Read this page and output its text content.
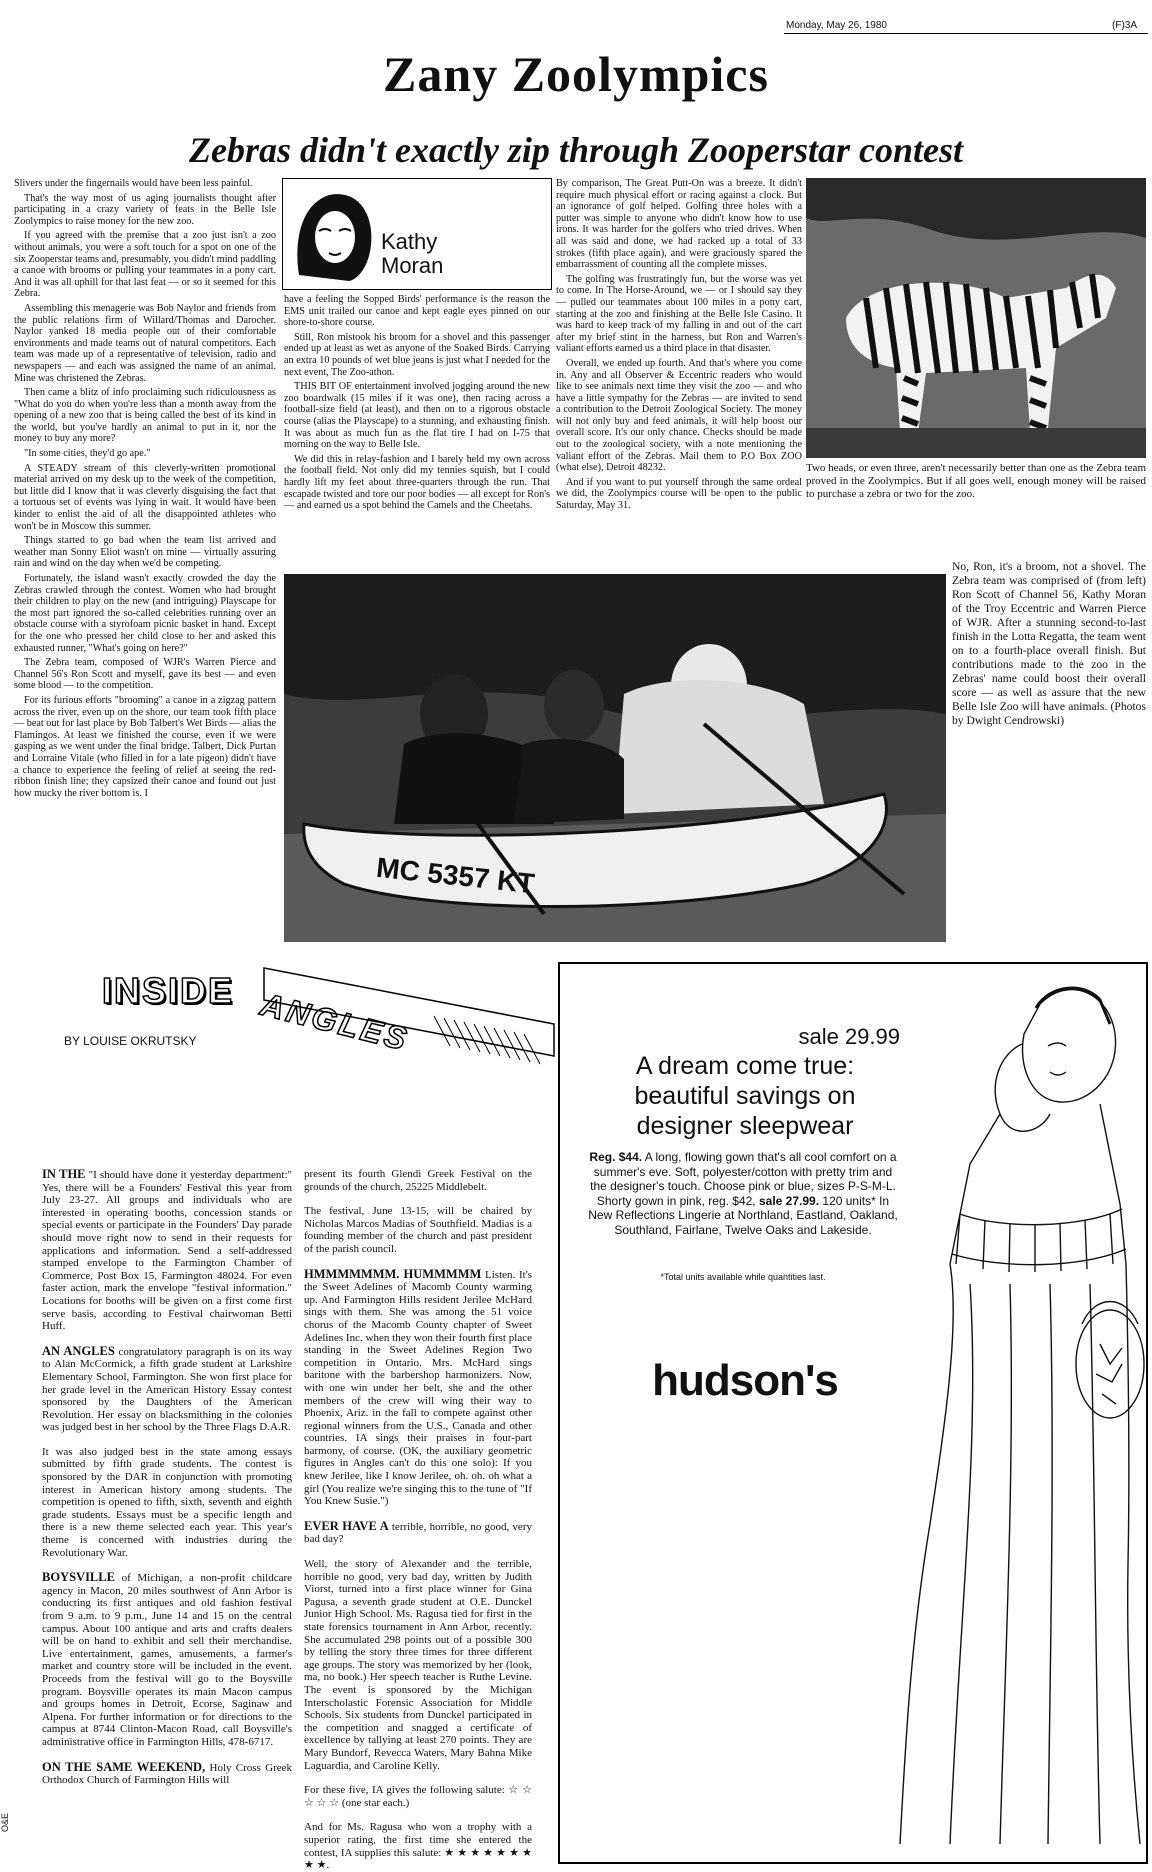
Monday, May 26, 1980	(F)3A
Zany Zoolympics
Zebras didn't exactly zip through Zooperstar contest

Slivers under the fingernails would have been less painful.

That's the way most of us aging journalists thought after participating in a crazy variety of feats in the Belle Isle Zoolympics to raise money for the new zoo.

If you agreed with the premise that a zoo just isn't a zoo without animals, you were a soft touch for a spot on one of the six Zooperstar teams and, presumably, you didn't mind paddling a canoe with brooms or pulling your teammates in a pony cart. And it was all uphill for that last feat — or so it seemed for this Zebra.

Assembling this menagerie was Bob Naylor and friends from the public relations firm of Willard/Thomas and Darocher. Naylor yanked 18 media people out of their comfortable environments and made teams out of natural competitors. Each team was made up of a representative of television, radio and newspapers — and each was assigned the name of an animal. Mine was christened the Zebras.

Then came a blitz of info proclaiming such ridiculousness as "What do you do when you're less than a month away from the opening of a new zoo that is being called the best of its kind in the world, but you've hardly an animal to put in it, nor the money to buy any more?

"In some cities, they'd go ape."

A STEADY stream of this cleverly-written promotional material arrived on my desk up to the week of the competition, but little did I know that it was cleverly disguising the fact that a tortuous set of events was lying in wait. It would have been kinder to enlist the aid of all the disappointed athletes who won't be in Moscow this summer.

Things started to go bad when the team list arrived and weather man Sonny Eliot wasn't on mine — virtually assuring rain and wind on the day when we'd be competing.

Fortunately, the island wasn't exactly crowded the day the Zebras crawled through the contest. Women who had brought their children to play on the new (and intriguing) Playscape for the most part ignored the so-called celebrities running over an obstacle course with a styrofoam picnic basket in hand. Except for the one who pressed her child close to her and asked this exhausted runner, "What's going on here?"

The Zebra team, composed of WJR's Warren Pierce and Channel 56's Ron Scott and myself, gave its best — and even some blood — to the competition.

For its furious efforts "brooming" a canoe in a zigzag pattern across the river, even up on the shore, our team took fifth place — beat out for last place by Bob Talbert's Wet Birds — alias the Flamingos. At least we finished the course, even if we were gasping as we went under the final bridge. Talbert, Dick Purtan and Lorraine Vitale (who filled in for a late pigeon) didn't have a chance to experience the feeling of relief at seeing the red-ribbon finish line; they capsized their canoe and found out just how mucky the river bottom is. I

Kathy
Moran

have a feeling the Sopped Birds' performance is the reason the EMS unit trailed our canoe and kept eagle eyes pinned on our shore-to-shore course.

Still, Ron mistook his broom for a shovel and this passenger ended up at least as wet as anyone of the Soaked Birds. Carrying an extra 10 pounds of wet blue jeans is just what I needed for the next event, The Zoo-athon.

THIS BIT OF entertainment involved jogging around the new zoo boardwalk (15 miles if it was one), then racing across a football-size field (at least), and then on to a rigorous obstacle course (alias the Playscape) to a stunning, and exhausting finish. It was about as much fun as the flat tire I had on I-75 that morning on the way to Belle Isle.

We did this in relay-fashion and I barely held my own across the football field. Not only did my tennies squish, but I could hardly lift my feet about three-quarters through the run. That escapade twisted and tore our poor bodies — all except for Ron's — and earned us a spot behind the Camels and the Cheetahs.

By comparison, The Great Putt-On was a breeze. It didn't require much physical effort or racing against a clock. But an ignorance of golf helped. Golfing three holes with a putter was simple to anyone who didn't know how to use irons. It was harder for the golfers who tried drives. When all was said and done, we had racked up a total of 33 strokes (fifth place again), and were graciously spared the embarrassment of counting all the complete misses.

The golfing was frustratingly fun, but the worse was yet to come. In The Horse-Around, we — or I should say they — pulled our teammates about 100 miles in a pony cart, starting at the zoo and finishing at the Belle Isle Casino. It was hard to keep track of my falling in and out of the cart after my brief stint in the harness, but Ron and Warren's valiant efforts earned us a third place in that disaster.

Overall, we ended up fourth. And that's where you come in. Any and all Observer & Eccentric readers who would like to see animals next time they visit the zoo — and who have a little sympathy for the Zebras — are invited to send a contribution to the Detroit Zoological Society. The money will not only buy and feed animals, it will help boost our overall score. It's our only chance. Checks should be made out to the zoological society, with a note mentioning the valiant effort of the Zebras. Mail them to P.O Box ZOO (what else), Detroit 48232.

And if you want to put yourself through the same ordeal we did, the Zoolympics course will be open to the public Saturday, May 31.

Two heads, or even three, aren't necessarily better than one as the Zebra team proved in the Zoolympics. But if all goes well, enough money will be raised to purchase a zebra or two for the zoo.
MC 5357 KT
No, Ron, it's a broom, not a shovel. The Zebra team was comprised of (from left) Ron Scott of Channel 56, Kathy Moran of the Troy Eccentric and Warren Pierce of WJR. After a stunning second-to-last finish in the Lotta Regatta, the team went on to a fourth-place overall finish. But contributions made to the zoo in the Zebras' name could boost their overall score — as well as assure that the new Belle Isle Zoo will have animals. (Photos by Dwight Cendrowski)
INSIDE ANGLES
BY LOUISE OKRUTSKY

IN THE "I should have done it yesterday department:" Yes, there will be a Founders' Festival this year from July 23-27. All groups and individuals who are interested in operating booths, concession stands or special events or participate in the Founders' Day parade should move right now to send in their requests for applications and information. Send a self-addressed stamped envelope to the Farmington Chamber of Commerce, Post Box 15, Farmington 48024. For even faster action, mark the envelope "festival information." Locations for booths will be given on a first come first serve basis, according to Festival chairwoman Betti Huff.

AN ANGLES congratulatory paragraph is on its way to Alan McCormick, a fifth grade student at Larkshire Elementary School, Farmington. She won first place for her grade level in the American History Essay contest sponsored by the Daughters of the American Revolution. Her essay on blacksmithing in the colonies was judged best in her school by the Three Flags D.A.R.

It was also judged best in the state among essays submitted by fifth grade students. The contest is sponsored by the DAR in conjunction with promoting interest in American history among students. The competition is opened to fifth, sixth, seventh and eighth grade students. Essays must be a specific length and there is a new theme selected each year. This year's theme is concerned with industries during the Revolutionary War.

BOYSVILLE of Michigan, a non-profit childcare agency in Macon, 20 miles southwest of Ann Arbor is conducting its first antiques and old fashion festival from 9 a.m. to 9 p.m., June 14 and 15 on the central campus. About 100 antique and arts and crafts dealers will be on hand to exhibit and sell their merchandise. Live entertainment, games, amusements, a farmer's market and country store will be included in the event. Proceeds from the festival will go to the Boysville program. Boysville operates its main Macon campus and groups homes in Detroit, Ecorse, Saginaw and Alpena. For further information or for directions to the campus at 8744 Clinton-Macon Road, call Boysville's administrative office in Farmington Hills, 478-6717.

ON THE SAME WEEKEND, Holy Cross Greek Orthodox Church of Farmington Hills will

present its fourth Glendi Greek Festival on the grounds of the church, 25225 Middlebelt.

The festival, June 13-15, will be chaired by Nicholas Marcos Madias of Southfield. Madias is a founding member of the church and past president of the parish council.

HMMMMMMM. HUMMMMM Listen. It's the Sweet Adelines of Macomb County warming up. And Farmington Hills resident Jerilee McHard sings with them. She was among the 51 voice chorus of the Macomb County chapter of Sweet Adelines Inc. when they won their fourth first place standing in the Sweet Adelines Region Two competition in Ontario. Mrs. McHard sings baritone with the barbershop harmonizers. Now, with one win under her belt, she and the other members of the crew will wing their way to Phoenix, Ariz. in the fall to compete against other regional winners from the U.S., Canada and other countries. IA sings their praises in four-part harmony, of course. (OK, the auxiliary geometric figures in Angles can't do this one solo): If you knew Jerilee, like I know Jerilee, oh. oh. oh what a girl (You realize we're singing this to the tune of "If You Knew Susie.")

EVER HAVE A terrible, horrible, no good, very bad day?

Well, the story of Alexander and the terrible, horrible no good, very bad day, written by Judith Viorst, turned into a first place winner for Gina Pagusa, a seventh grade student at O.E. Dunckel Junior High School. Ms. Ragusa tied for first in the state forensics tournament in Ann Arbor, recently. She accumulated 298 points out of a possible 300 by telling the story three times for three different age groups. The story was memorized by her (look, ma, no book.) Her speech teacher is Ruthe Levine. The event is sponsored by the Michigan Interscholastic Forensic Association for Middle Schools. Six students from Dunckel participated in the competition and snagged a certificate of excellence by tallying at least 270 points. They are Mary Bundorf, Revecca Waters, Mary Bahna Mike Laguardia, and Caroline Kelly.

For these five, IA gives the following salute: ☆ ☆ ☆ ☆ ☆ (one star each.)

And for Ms. Ragusa who won a trophy with a superior rating, the first time she entered the contest, IA supplies this salute: ★ ★ ★ ★ ★ ★ ★ ★ ★.

O&E
sale 29.99
A dream come true:
beautiful savings on
designer sleepwear
Reg. $44. A long, flowing gown that's all cool comfort on a summer's eve. Soft, polyester/cotton with pretty trim and the designer's touch. Choose pink or blue, sizes P-S-M-L. Shorty gown in pink, reg. $42, sale 27.99. 120 units* In New Reflections Lingerie at Northland, Eastland, Oakland, Southland, Fairlane, Twelve Oaks and Lakeside.
*Total units available while quantities last.
hudson's
